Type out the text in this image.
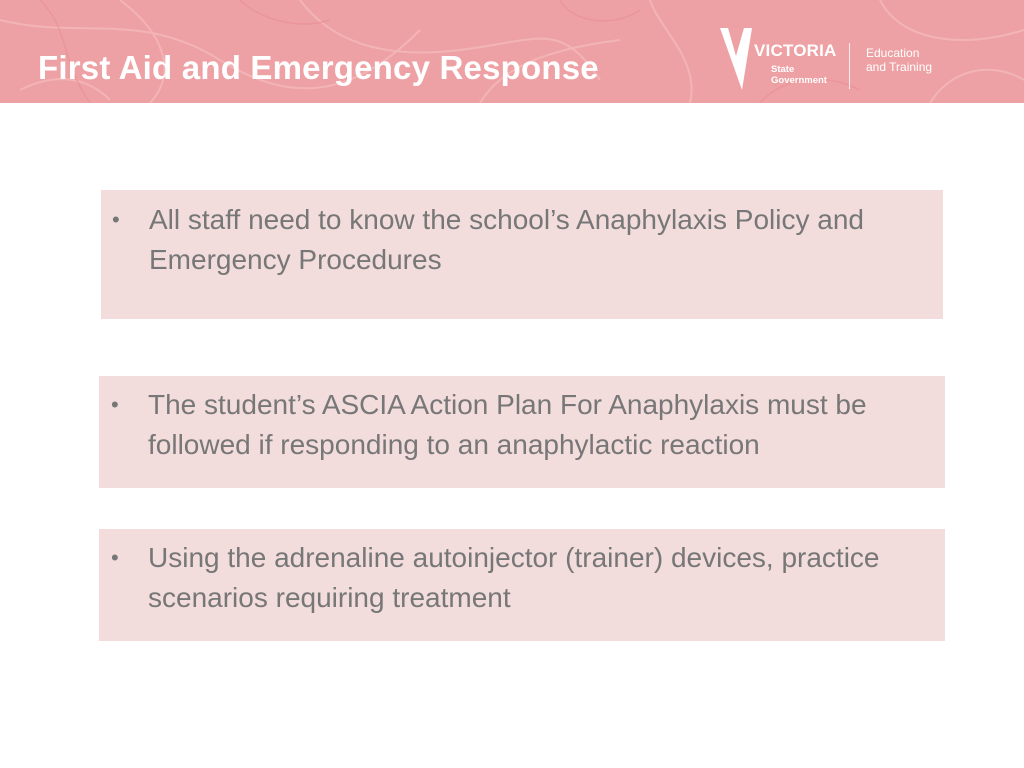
First Aid and Emergency Response	VICTORIA
State
Government
Education
and Training
• All staff need to know the school’s Anaphylaxis Policy and Emergency Procedures
• The student’s ASCIA Action Plan For Anaphylaxis must be followed if responding to an anaphylactic reaction
• Using the adrenaline autoinjector (trainer) devices, practice scenarios requiring treatment
